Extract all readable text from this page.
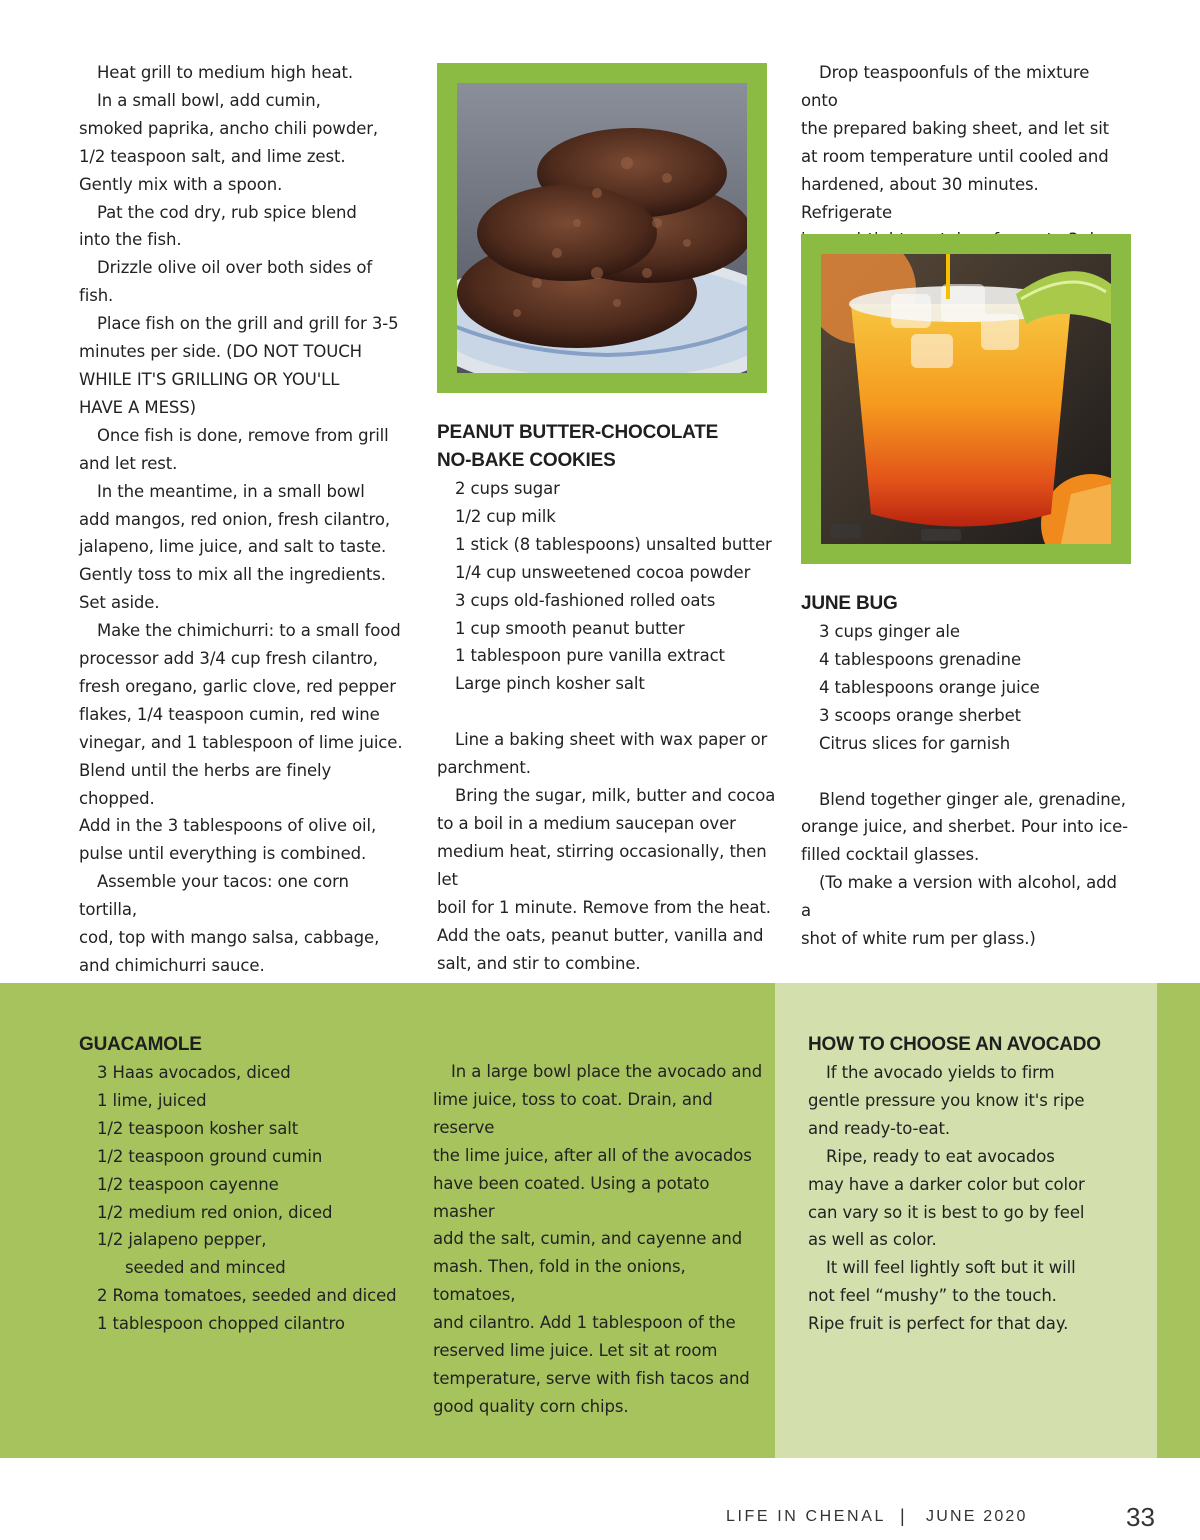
Heat grill to medium high heat.

In a small bowl, add cumin,

smoked paprika, ancho chili powder,

1/2 teaspoon salt, and lime zest.

Gently mix with a spoon.

Pat the cod dry, rub spice blend

into the fish.

Drizzle olive oil over both sides of fish.

Place fish on the grill and grill for 3-5

minutes per side. (DO NOT TOUCH

WHILE IT'S GRILLING OR YOU'LL

HAVE A MESS)

Once fish is done, remove from grill

and let rest.

In the meantime, in a small bowl

add mangos, red onion, fresh cilantro,

jalapeno, lime juice, and salt to taste.

Gently toss to mix all the ingredients.

Set aside.

Make the chimichurri: to a small food

processor add 3/4 cup fresh cilantro,

fresh oregano, garlic clove, red pepper

flakes, 1/4 teaspoon cumin, red wine

vinegar, and 1 tablespoon of lime juice.

Blend until the herbs are finely chopped.

Add in the 3 tablespoons of olive oil,

pulse until everything is combined.

Assemble your tacos: one corn tortilla,

cod, top with mango salsa, cabbage,

and chimichurri sauce.

PEANUT BUTTER-CHOCOLATE
NO-BAKE COOKIES

2 cups sugar

1/2 cup milk

1 stick (8 tablespoons) unsalted butter

1/4 cup unsweetened cocoa powder

3 cups old-fashioned rolled oats

1 cup smooth peanut butter

1 tablespoon pure vanilla extract

Large pinch kosher salt

Line a baking sheet with wax paper or

parchment.

Bring the sugar, milk, butter and cocoa

to a boil in a medium saucepan over

medium heat, stirring occasionally, then let

boil for 1 minute. Remove from the heat.

Add the oats, peanut butter, vanilla and

salt, and stir to combine.

Drop teaspoonfuls of the mixture onto

the prepared baking sheet, and let sit

at room temperature until cooled and

hardened, about 30 minutes. Refrigerate

JUNE BUG

3 cups ginger ale

4 tablespoons grenadine

4 tablespoons orange juice

3 scoops orange sherbet

Citrus slices for garnish

Blend together ginger ale, grenadine,

orange juice, and sherbet. Pour into ice-

filled cocktail glasses.

(To make a version with alcohol, add a

shot of white rum per glass.)

GUACAMOLE

3 Haas avocados, diced

1 lime, juiced

1/2 teaspoon kosher salt

1/2 teaspoon ground cumin

1/2 teaspoon cayenne

1/2 medium red onion, diced

1/2 jalapeno pepper,

seeded and minced

2 Roma tomatoes, seeded and diced

1 tablespoon chopped cilantro

In a large bowl place the avocado and

lime juice, toss to coat. Drain, and reserve

the lime juice, after all of the avocados

have been coated. Using a potato masher

add the salt, cumin, and cayenne and

mash. Then, fold in the onions, tomatoes,

and cilantro. Add 1 tablespoon of the

reserved lime juice. Let sit at room

temperature, serve with fish tacos and

good quality corn chips.

HOW TO CHOOSE AN AVOCADO

If the avocado yields to firm

gentle pressure you know it's ripe

and ready-to-eat.

Ripe, ready to eat avocados

may have a darker color but color

can vary so it is best to go by feel

as well as color.

It will feel lightly soft but it will

not feel “mushy” to the touch.

Ripe fruit is perfect for that day.

LIFE IN CHENAL | JUNE 2020	33
